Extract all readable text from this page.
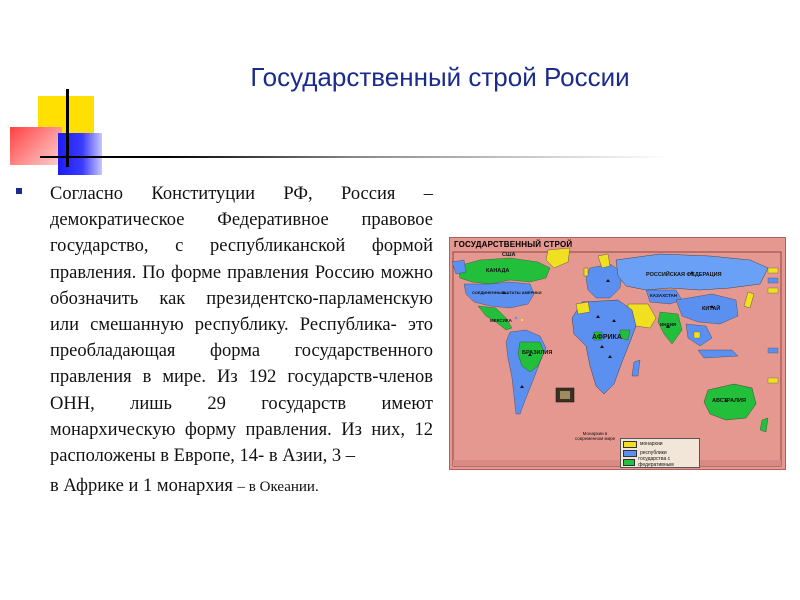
Государственный строй России
Согласно Конституции РФ, Россия – демократическое Федеративное правовое государство, с республиканской формой правления. По форме правления Россию можно обозначить как президентско-парламенскую или смешанную республику. Республика- это преобладающая форма государственного правления в мире. Из 192 государств-членов ОНН, лишь 29 государств имеют монархическую форму правления. Из них, 12 расположены в Европе, 14- в Азии, 3 –
в Африке и 1 монархия – в Океании.
ГОСУДАРСТВЕННЫЙ СТРОЙ
США
КАНАДА
СОЕДИНЕННЫЕ ШТАТЫ АМЕРИКИ
МЕКСИКА
БРАЗИЛИЯ
РОССИЙСКАЯ ФЕДЕРАЦИЯ
КАЗАХСТАН
КИТАЙ
ИНДИЯ
АФРИКА
АВСТРАЛИЯ
Монархии в современном мире
монархии
республики
государства с федеративным
